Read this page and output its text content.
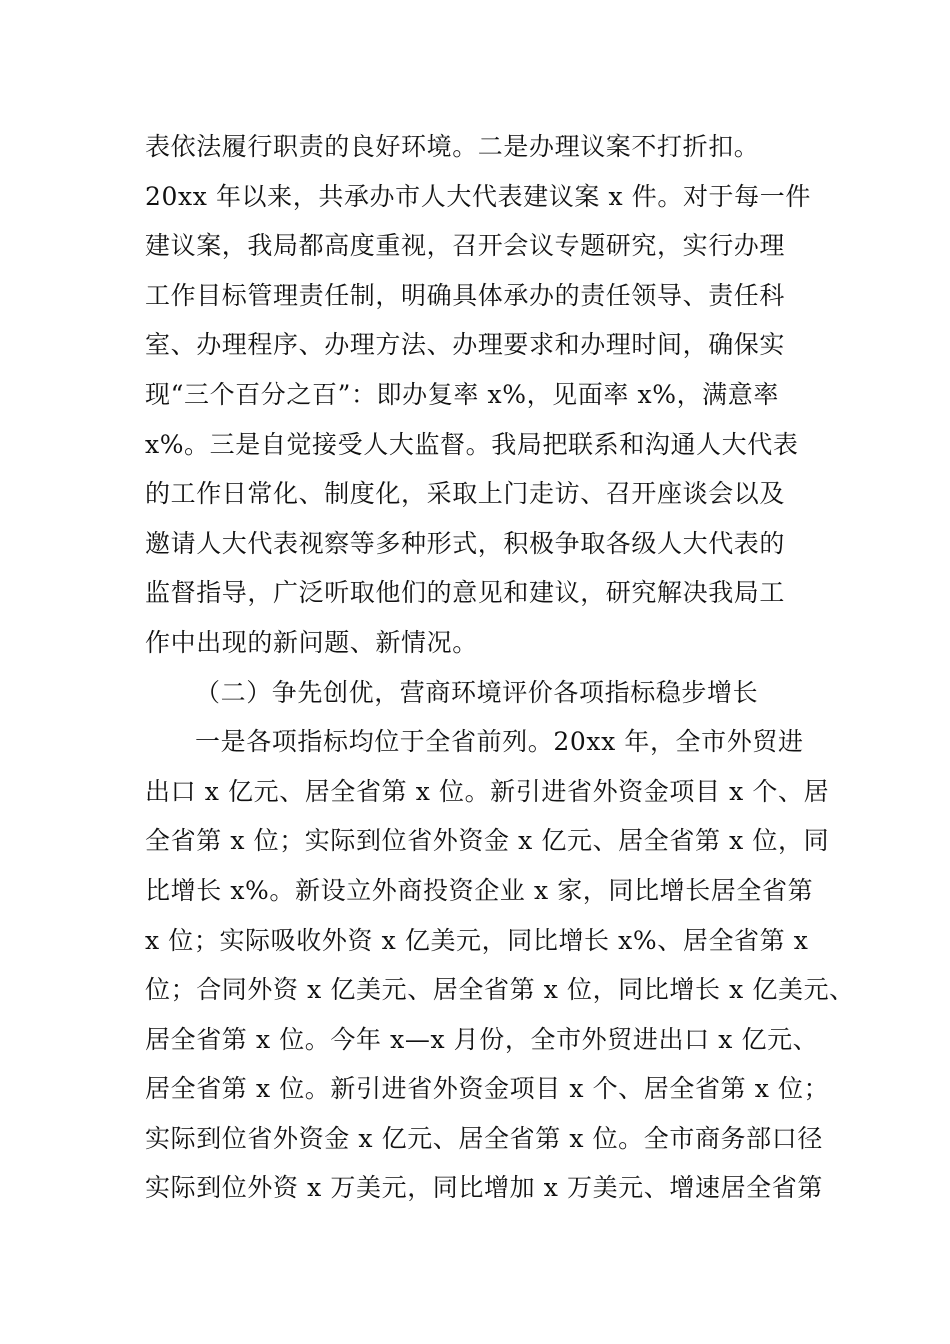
表依法履行职责的良好环境。二是办理议案不打折扣。
20xx 年以来，共承办市人大代表建议案 x 件。对于每一件
建议案，我局都高度重视，召开会议专题研究，实行办理
工作目标管理责任制，明确具体承办的责任领导、责任科
室、办理程序、办理方法、办理要求和办理时间，确保实
现“三个百分之百”：即办复率 x%，见面率 x%，满意率
x%。三是自觉接受人大监督。我局把联系和沟通人大代表
的工作日常化、制度化，采取上门走访、召开座谈会以及
邀请人大代表视察等多种形式，积极争取各级人大代表的
监督指导，广泛听取他们的意见和建议，研究解决我局工
作中出现的新问题、新情况。
（二）争先创优，营商环境评价各项指标稳步增长
一是各项指标均位于全省前列。20xx 年，全市外贸进
出口 x 亿元、居全省第 x 位。新引进省外资金项目 x 个、居
全省第 x 位；实际到位省外资金 x 亿元、居全省第 x 位，同
比增长 x%。新设立外商投资企业 x 家，同比增长居全省第
x 位；实际吸收外资 x 亿美元，同比增长 x%、居全省第 x
位；合同外资 x 亿美元、居全省第 x 位，同比增长 x 亿美元、
居全省第 x 位。今年 x—x 月份，全市外贸进出口 x 亿元、
居全省第 x 位。新引进省外资金项目 x 个、居全省第 x 位；
实际到位省外资金 x 亿元、居全省第 x 位。全市商务部口径
实际到位外资 x 万美元，同比增加 x 万美元、增速居全省第
